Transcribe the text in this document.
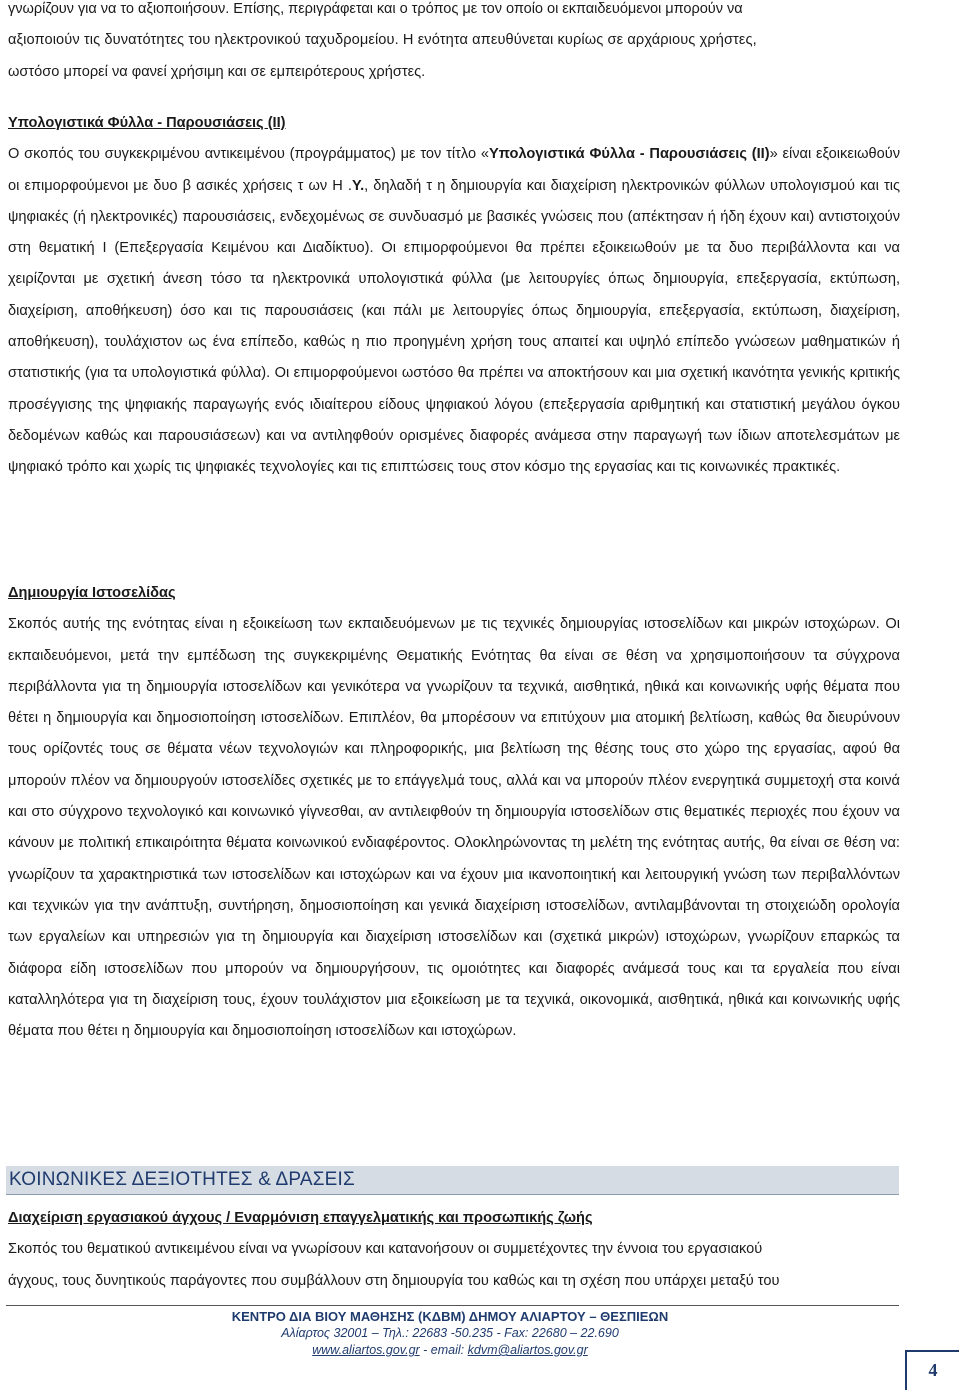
γνωρίζουν για να το αξιοποιήσουν. Επίσης, περιγράφεται και ο τρόπος με τον οποίο οι εκπαιδευόμενοι μπορούν να

αξιοποιούν τις δυνατότητες του ηλεκτρονικού ταχυδρομείου. Η ενότητα απευθύνεται κυρίως σε αρχάριους χρήστες,

ωστόσο μπορεί να φανεί χρήσιμη και σε εμπειρότερους χρήστες.

Υπολογιστικά Φύλλα - Παρουσιάσεις (ΙΙ)

Ο σκοπός του συγκεκριμένου αντικειμένου (προγράμματος) με τον τίτλο «Υπολογιστικά Φύλλα - Παρουσιάσεις (ΙΙ)» είναι εξοικειωθούν οι επιμορφούμενοι με δυο β ασικές χρήσεις τ ων Η .Υ., δηλαδή τ η δημιουργία και διαχείριση ηλεκτρονικών φύλλων υπολογισμού και τις ψηφιακές (ή ηλεκτρονικές) παρουσιάσεις, ενδεχομένως σε συνδυασμό με βασικές γνώσεις που (απέκτησαν ή ήδη έχουν και) αντιστοιχούν στη θεματική Ι (Επεξεργασία Κειμένου και Διαδίκτυο). Οι επιμορφούμενοι θα πρέπει εξοικειωθούν με τα δυο περιβάλλοντα και να χειρίζονται με σχετική άνεση τόσο τα ηλεκτρονικά υπολογιστικά φύλλα (με λειτουργίες όπως δημιουργία, επεξεργασία, εκτύπωση, διαχείριση, αποθήκευση) όσο και τις παρουσιάσεις (και πάλι με λειτουργίες όπως δημιουργία, επεξεργασία, εκτύπωση, διαχείριση, αποθήκευση), τουλάχιστον ως ένα επίπεδο, καθώς η πιο προηγμένη χρήση τους απαιτεί και υψηλό επίπεδο γνώσεων μαθηματικών ή στατιστικής (για τα υπολογιστικά φύλλα). Οι επιμορφούμενοι ωστόσο θα πρέπει να αποκτήσουν και μια σχετική ικανότητα γενικής κριτικής προσέγγισης της ψηφιακής παραγωγής ενός ιδιαίτερου είδους ψηφιακού λόγου (επεξεργασία αριθμητική και στατιστική μεγάλου όγκου δεδομένων καθώς και παρουσιάσεων) και να αντιληφθούν ορισμένες διαφορές ανάμεσα στην παραγωγή των ίδιων αποτελεσμάτων με ψηφιακό τρόπο και χωρίς τις ψηφιακές τεχνολογίες και τις επιπτώσεις τους στον κόσμο της εργασίας και τις κοινωνικές πρακτικές.

Δημιουργία Ιστοσελίδας

Σκοπός αυτής της ενότητας είναι η εξοικείωση των εκπαιδευόμενων με τις τεχνικές δημιουργίας ιστοσελίδων και μικρών ιστοχώρων. Οι εκπαιδευόμενοι, μετά την εμπέδωση της συγκεκριμένης Θεματικής Ενότητας θα είναι σε θέση να χρησιμοποιήσουν τα σύγχρονα περιβάλλοντα για τη δημιουργία ιστοσελίδων και γενικότερα να γνωρίζουν τα τεχνικά, αισθητικά, ηθικά και κοινωνικής υφής θέματα που θέτει η δημιουργία και δημοσιοποίηση ιστοσελίδων. Επιπλέον, θα μπορέσουν να επιτύχουν μια ατομική βελτίωση, καθώς θα διευρύνουν τους ορίζοντές τους σε θέματα νέων τεχνολογιών και πληροφορικής, μια βελτίωση της θέσης τους στο χώρο της εργασίας, αφού θα μπορούν πλέον να δημιουργούν ιστοσελίδες σχετικές με το επάγγελμά τους, αλλά και να μπορούν πλέον ενεργητικά συμμετοχή στα κοινά και στο σύγχρονο τεχνολογικό και κοινωνικό γίγνεσθαι, αν αντιλειφθούν τη δημιουργία ιστοσελίδων στις θεματικές περιοχές που έχουν να κάνουν με πολιτική επικαιρόιτητα θέματα κοινωνικού ενδιαφέροντος. Ολοκληρώνοντας τη μελέτη της ενότητας αυτής, θα είναι σε θέση να: γνωρίζουν τα χαρακτηριστικά των ιστοσελίδων και ιστοχώρων και να έχουν μια ικανοποιητική και λειτουργική γνώση των περιβαλλόντων και τεχνικών για την ανάπτυξη, συντήρηση, δημοσιοποίηση και γενικά διαχείριση ιστοσελίδων, αντιλαμβάνονται τη στοιχειώδη ορολογία των εργαλείων και υπηρεσιών για τη δημιουργία και διαχείριση ιστοσελίδων και (σχετικά μικρών) ιστοχώρων, γνωρίζουν επαρκώς τα διάφορα είδη ιστοσελίδων που μπορούν να δημιουργήσουν, τις ομοιότητες και διαφορές ανάμεσά τους και τα εργαλεία που είναι καταλληλότερα για τη διαχείριση τους, έχουν τουλάχιστον μια εξοικείωση με τα τεχνικά, οικονομικά, αισθητικά, ηθικά και κοινωνικής υφής θέματα που θέτει η δημιουργία και δημοσιοποίηση ιστοσελίδων και ιστοχώρων.

Διαχείριση εργασιακού άγχους / Εναρμόνιση επαγγελματικής και προσωπικής ζωής

Σκοπός του θεματικού αντικειμένου είναι να γνωρίσουν και κατανοήσουν οι συμμετέχοντες την έννοια του εργασιακού

άγχους, τους δυνητικούς παράγοντες που συμβάλλουν στη δημιουργία του καθώς και τη σχέση που υπάρχει μεταξύ του

ΚΟΙΝΩΝΙΚΕΣ ΔΕΞΙΟΤΗΤΕΣ & ΔΡΑΣΕΙΣ
ΚΕΝΤΡΟ ΔΙΑ ΒΙΟΥ ΜΑΘΗΣΗΣ (ΚΔΒΜ) ΔΗΜΟΥ ΑΛΙΑΡΤΟΥ – ΘΕΣΠΙΕΩΝ
Αλίαρτος 32001 – Τηλ.: 22683 -50.235 - Fax: 22680 – 22.690
www.aliartos.gov.gr - email: kdvm@aliartos.gov.gr
4
